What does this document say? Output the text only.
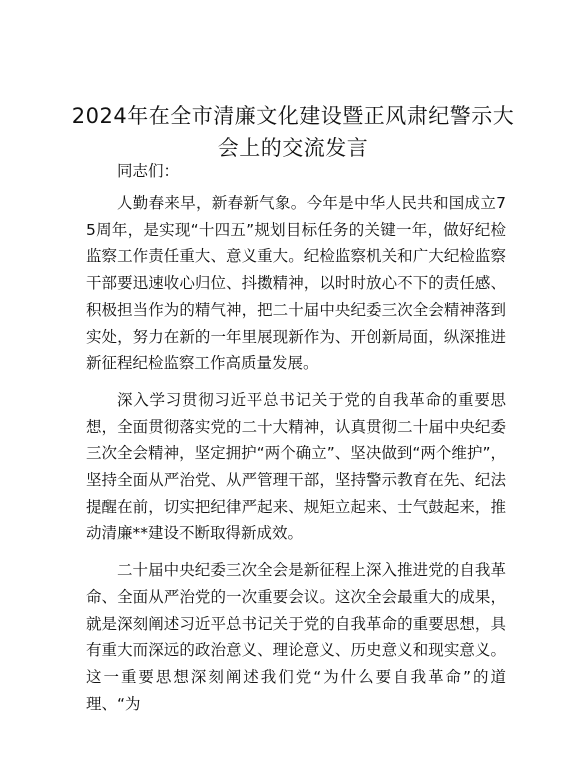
2024年在全市清廉文化建设暨正风肃纪警示大会上的交流发言

同志们：

人勤春来早，新春新气象。今年是中华人民共和国成立75周年，是实现“十四五”规划目标任务的关键一年，做好纪检监察工作责任重大、意义重大。纪检监察机关和广大纪检监察干部要迅速收心归位、抖擞精神，以时时放心不下的责任感、积极担当作为的精气神，把二十届中央纪委三次全会精神落到实处，努力在新的一年里展现新作为、开创新局面，纵深推进新征程纪检监察工作高质量发展。

深入学习贯彻习近平总书记关于党的自我革命的重要思想，全面贯彻落实党的二十大精神，认真贯彻二十届中央纪委三次全会精神，坚定拥护“两个确立”、坚决做到“两个维护”，坚持全面从严治党、从严管理干部，坚持警示教育在先、纪法提醒在前，切实把纪律严起来、规矩立起来、士气鼓起来，推动清廉**建设不断取得新成效。

二十届中央纪委三次全会是新征程上深入推进党的自我革命、全面从严治党的一次重要会议。这次全会最重大的成果，就是深刻阐述习近平总书记关于党的自我革命的重要思想，具有重大而深远的政治意义、理论意义、历史意义和现实意义。这一重要思想深刻阐述我们党“为什么要自我革命”的道理、“为
